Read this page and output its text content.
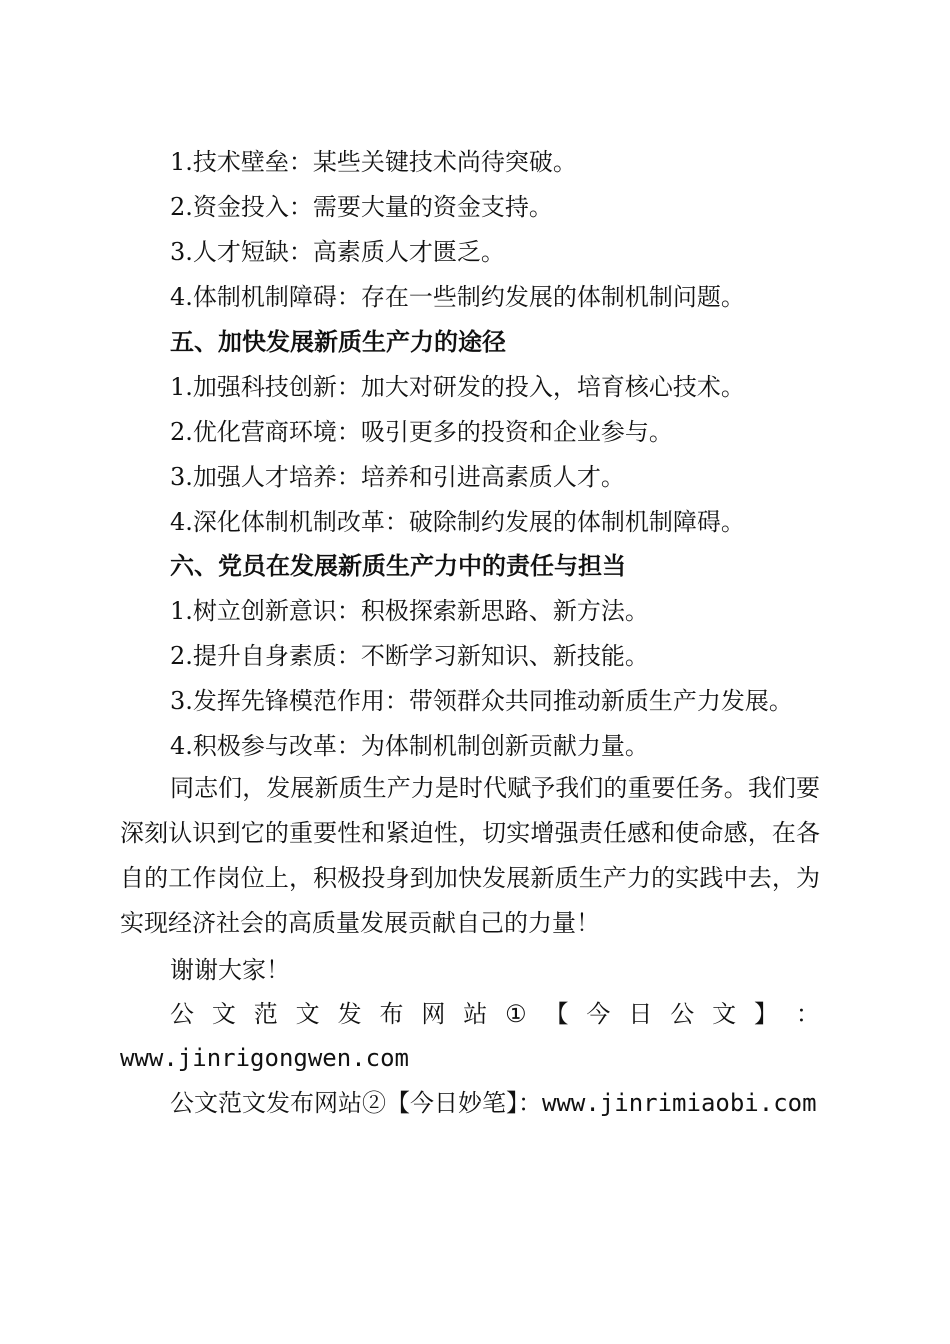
1.技术壁垒：某些关键技术尚待突破。
2.资金投入：需要大量的资金支持。
3.人才短缺：高素质人才匮乏。
4.体制机制障碍：存在一些制约发展的体制机制问题。
五、加快发展新质生产力的途径
1.加强科技创新：加大对研发的投入，培育核心技术。
2.优化营商环境：吸引更多的投资和企业参与。
3.加强人才培养：培养和引进高素质人才。
4.深化体制机制改革：破除制约发展的体制机制障碍。
六、党员在发展新质生产力中的责任与担当
1.树立创新意识：积极探索新思路、新方法。
2.提升自身素质：不断学习新知识、新技能。
3.发挥先锋模范作用：带领群众共同推动新质生产力发展。
4.积极参与改革：为体制机制创新贡献力量。
同志们，发展新质生产力是时代赋予我们的重要任务。我们要深刻认识到它的重要性和紧迫性，切实增强责任感和使命感，在各自的工作岗位上，积极投身到加快发展新质生产力的实践中去，为实现经济社会的高质量发展贡献自己的力量！
谢谢大家！
公 文 范 文 发 布 网 站 ① 【 今 日 公 文 】 ：
www.jinrigongwen.com
公文范文发布网站②【今日妙笔】：www.jinrimiaobi.com
